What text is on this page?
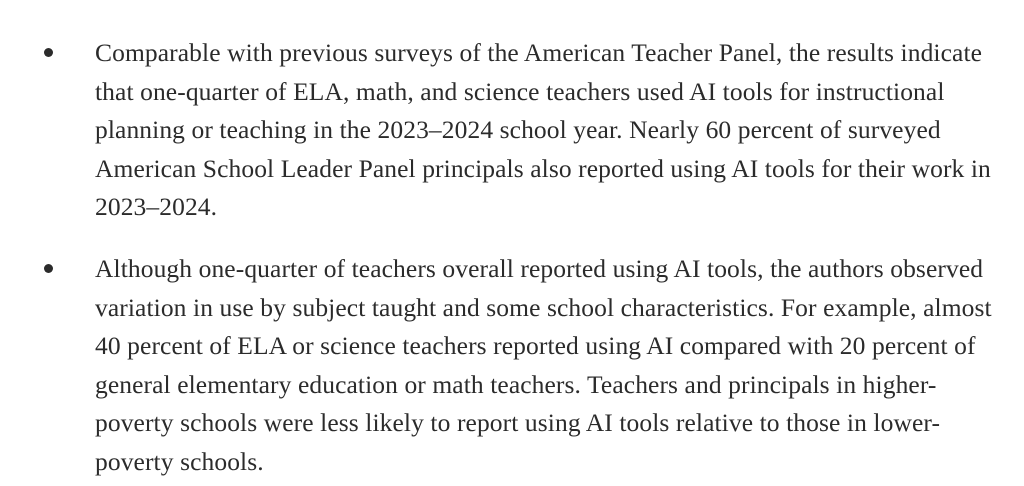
Comparable with previous surveys of the American Teacher Panel, the results indicate that one-quarter of ELA, math, and science teachers used AI tools for instructional planning or teaching in the 2023–2024 school year. Nearly 60 percent of surveyed American School Leader Panel principals also reported using AI tools for their work in 2023–2024.
Although one-quarter of teachers overall reported using AI tools, the authors observed variation in use by subject taught and some school characteristics. For example, almost 40 percent of ELA or science teachers reported using AI compared with 20 percent of general elementary education or math teachers. Teachers and principals in higher-poverty schools were less likely to report using AI tools relative to those in lower-poverty schools.
